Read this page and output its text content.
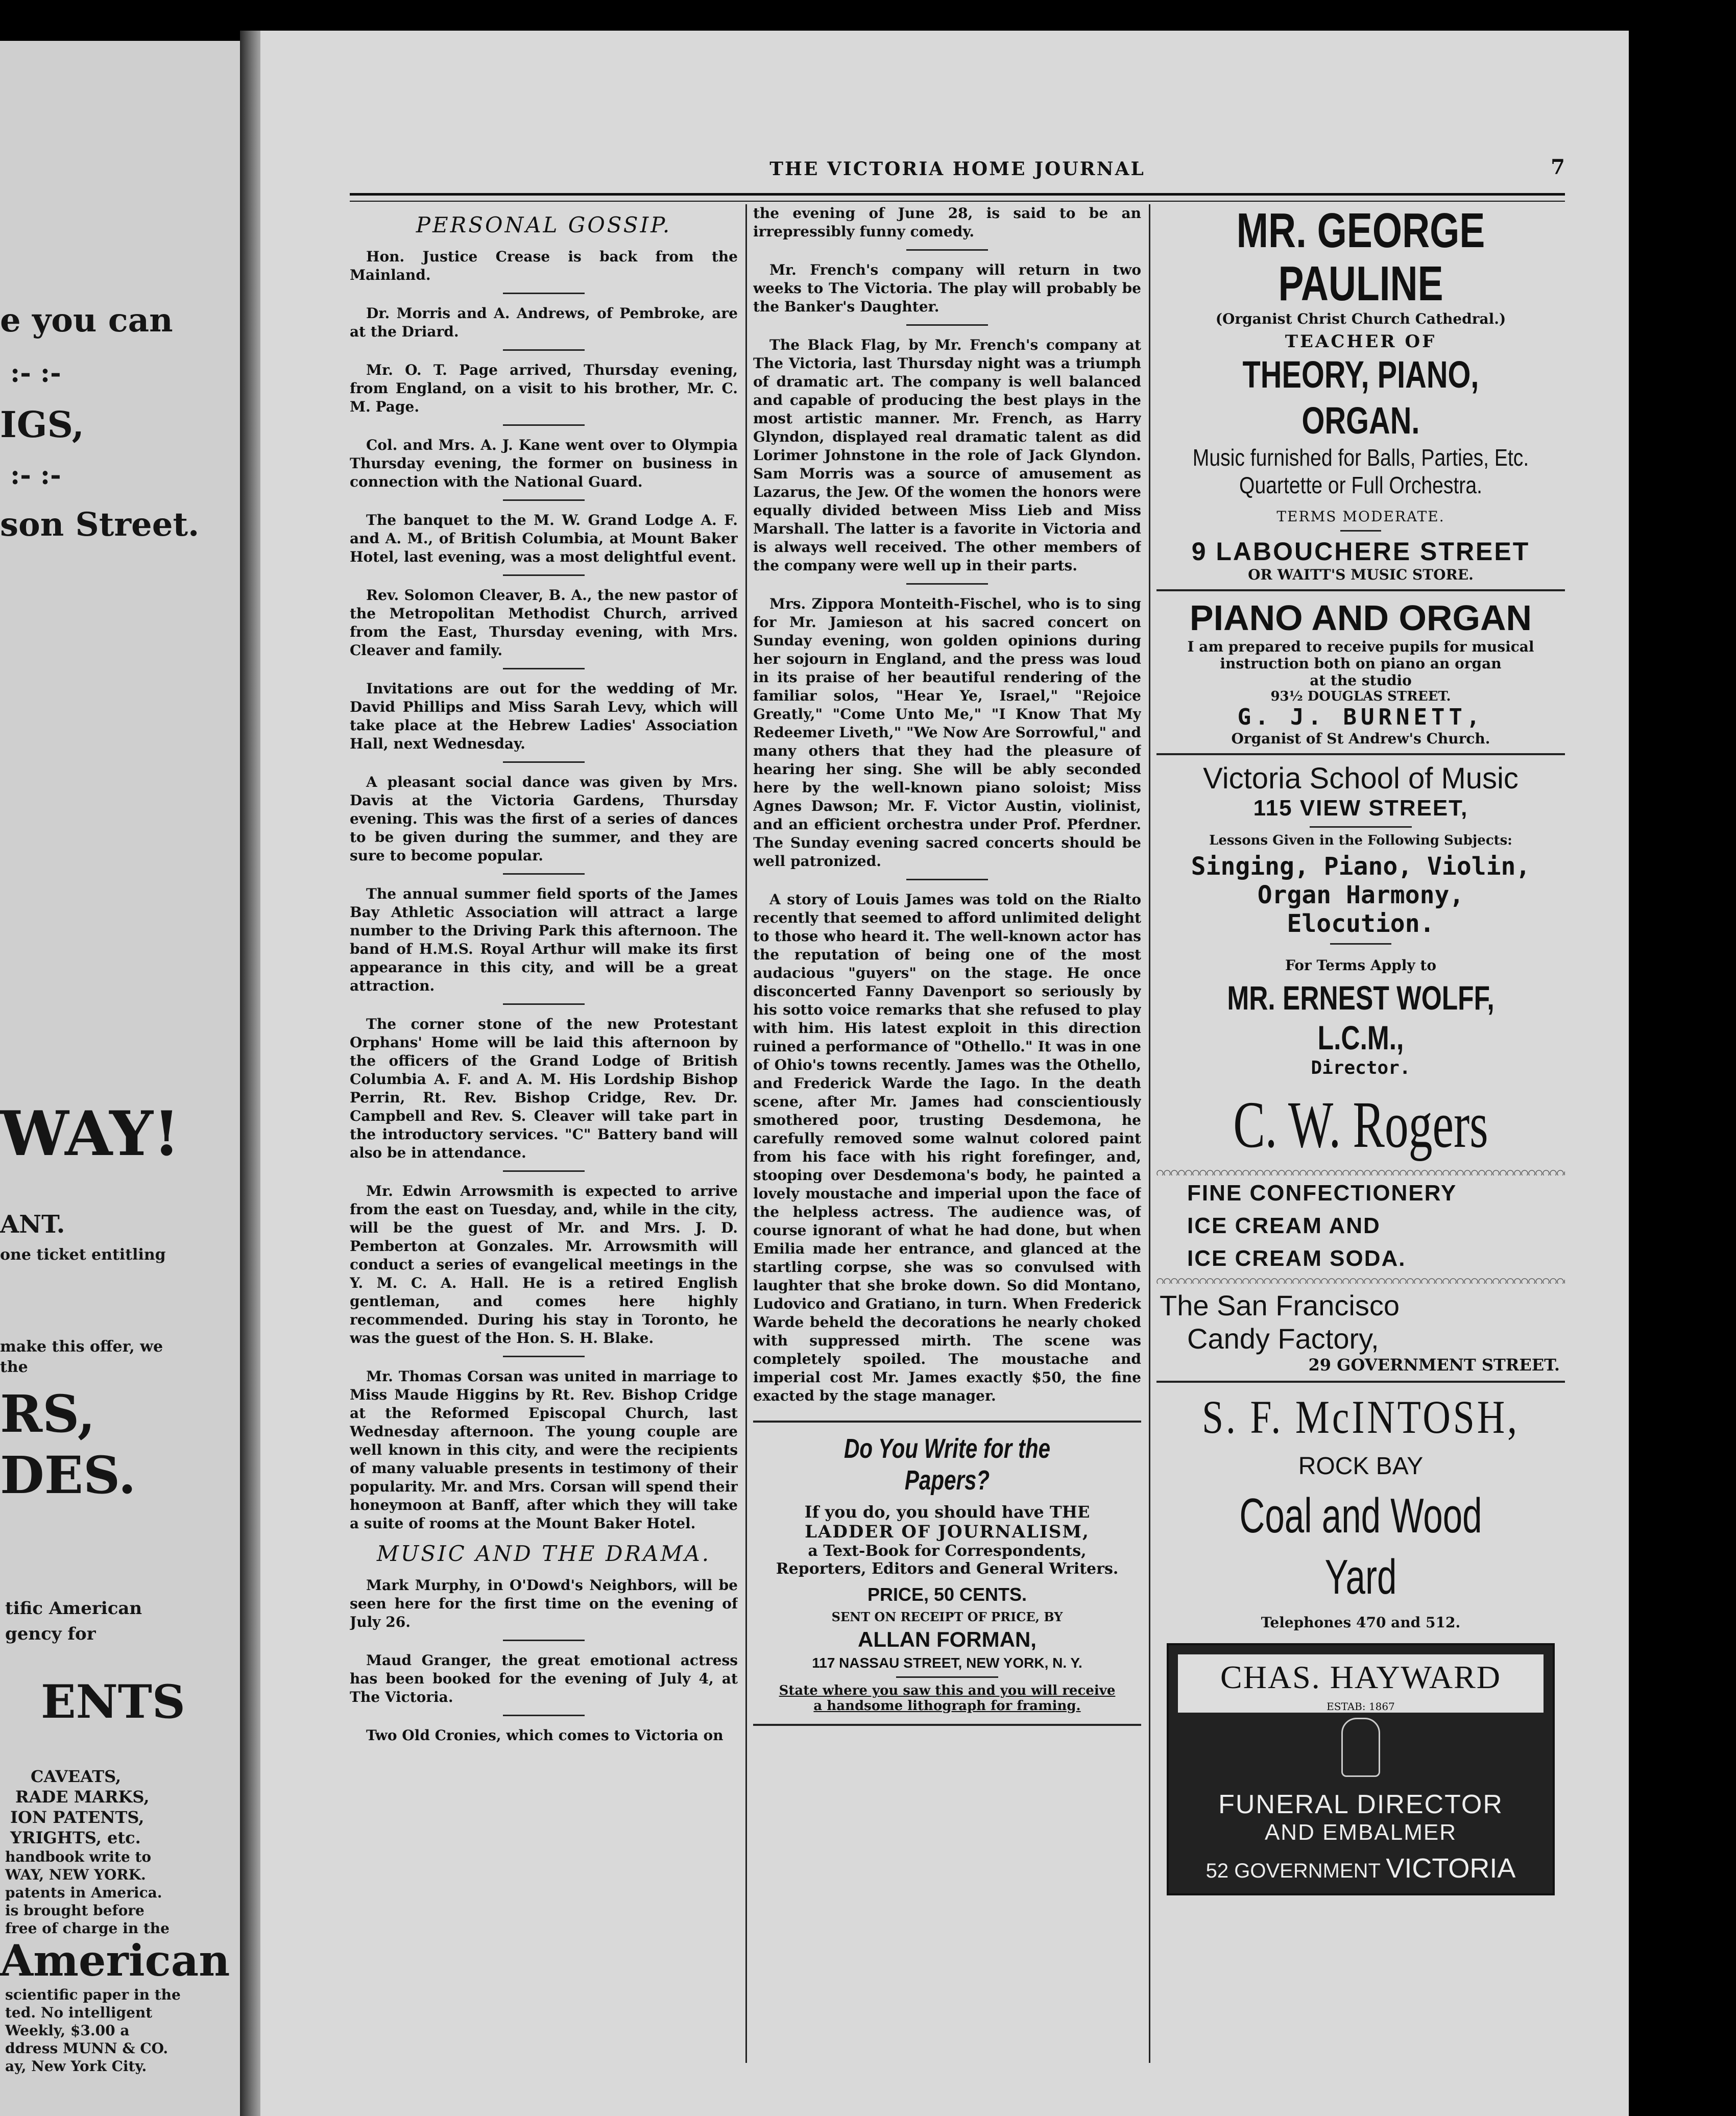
e you can
:- :-
IGS,
:- :-
son Street.
WAY!
ANT.
one ticket entitling
make this offer, we
the
RS,
DES.
tific American
gency for
ENTS
CAVEATS,
RADE MARKS,
ION PATENTS,
YRIGHTS, etc.
handbook write to
WAY, NEW YORK.
patents in America.
is brought before
free of charge in the
American
scientific paper in the
ted. No intelligent
Weekly, $3.00 a
ddress MUNN & CO.
ay, New York City.
THE VICTORIA HOME JOURNAL	7
PERSONAL GOSSIP.

Hon. Justice Crease is back from the Mainland.

Dr. Morris and A. Andrews, of Pembroke, are at the Driard.

Mr. O. T. Page arrived, Thursday evening, from England, on a visit to his brother, Mr. C. M. Page.

Col. and Mrs. A. J. Kane went over to Olympia Thursday evening, the former on business in connection with the National Guard.

The banquet to the M. W. Grand Lodge A. F. and A. M., of British Columbia, at Mount Baker Hotel, last evening, was a most delightful event.

Rev. Solomon Cleaver, B. A., the new pastor of the Metropolitan Methodist Church, arrived from the East, Thursday evening, with Mrs. Cleaver and family.

Invitations are out for the wedding of Mr. David Phillips and Miss Sarah Levy, which will take place at the Hebrew Ladies' Association Hall, next Wednesday.

A pleasant social dance was given by Mrs. Davis at the Victoria Gardens, Thursday evening. This was the first of a series of dances to be given during the summer, and they are sure to become popular.

The annual summer field sports of the James Bay Athletic Association will attract a large number to the Driving Park this afternoon. The band of H.M.S. Royal Arthur will make its first appearance in this city, and will be a great attraction.

The corner stone of the new Protestant Orphans' Home will be laid this afternoon by the officers of the Grand Lodge of British Columbia A. F. and A. M. His Lordship Bishop Perrin, Rt. Rev. Bishop Cridge, Rev. Dr. Campbell and Rev. S. Cleaver will take part in the introductory services. "C" Battery band will also be in attendance.

Mr. Edwin Arrowsmith is expected to arrive from the east on Tuesday, and, while in the city, will be the guest of Mr. and Mrs. J. D. Pemberton at Gonzales. Mr. Arrowsmith will conduct a series of evangelical meetings in the Y. M. C. A. Hall. He is a retired English gentleman, and comes here highly recommended. During his stay in Toronto, he was the guest of the Hon. S. H. Blake.

Mr. Thomas Corsan was united in marriage to Miss Maude Higgins by Rt. Rev. Bishop Cridge at the Reformed Episcopal Church, last Wednesday afternoon. The young couple are well known in this city, and were the recipients of many valuable presents in testimony of their popularity. Mr. and Mrs. Corsan will spend their honeymoon at Banff, after which they will take a suite of rooms at the Mount Baker Hotel.

MUSIC AND THE DRAMA.

Mark Murphy, in O'Dowd's Neighbors, will be seen here for the first time on the evening of July 26.

Maud Granger, the great emotional actress has been booked for the evening of July 4, at The Victoria.

Two Old Cronies, which comes to Victoria on

the evening of June 28, is said to be an irrepressibly funny comedy.

Mr. French's company will return in two weeks to The Victoria. The play will probably be the Banker's Daughter.

The Black Flag, by Mr. French's company at The Victoria, last Thursday night was a triumph of dramatic art. The company is well balanced and capable of producing the best plays in the most artistic manner. Mr. French, as Harry Glyndon, displayed real dramatic talent as did Lorimer Johnstone in the role of Jack Glyndon. Sam Morris was a source of amusement as Lazarus, the Jew. Of the women the honors were equally divided between Miss Lieb and Miss Marshall. The latter is a favorite in Victoria and is always well received. The other members of the company were well up in their parts.

Mrs. Zippora Monteith-Fischel, who is to sing for Mr. Jamieson at his sacred concert on Sunday evening, won golden opinions during her sojourn in England, and the press was loud in its praise of her beautiful rendering of the familiar solos, "Hear Ye, Israel," "Rejoice Greatly," "Come Unto Me," "I Know That My Redeemer Liveth," "We Now Are Sorrowful," and many others that they had the pleasure of hearing her sing. She will be ably seconded here by the well-known piano soloist; Miss Agnes Dawson; Mr. F. Victor Austin, violinist, and an efficient orchestra under Prof. Pferdner. The Sunday evening sacred concerts should be well patronized.

A story of Louis James was told on the Rialto recently that seemed to afford unlimited delight to those who heard it. The well-known actor has the reputation of being one of the most audacious "guyers" on the stage. He once disconcerted Fanny Davenport so seriously by his sotto voice remarks that she refused to play with him. His latest exploit in this direction ruined a performance of "Othello." It was in one of Ohio's towns recently. James was the Othello, and Frederick Warde the Iago. In the death scene, after Mr. James had conscientiously smothered poor, trusting Desdemona, he carefully removed some walnut colored paint from his face with his right forefinger, and, stooping over Desdemona's body, he painted a lovely moustache and imperial upon the face of the helpless actress. The audience was, of course ignorant of what he had done, but when Emilia made her entrance, and glanced at the startling corpse, she was so convulsed with laughter that she broke down. So did Montano, Ludovico and Gratiano, in turn. When Frederick Warde beheld the decorations he nearly choked with suppressed mirth. The scene was completely spoiled. The moustache and imperial cost Mr. James exactly $50, the fine exacted by the stage manager.

Do You Write for the Papers?
If you do, you should have THE
LADDER OF JOURNALISM,
a Text-Book for Correspondents, Reporters, Editors and General Writers.
PRICE, 50 CENTS.
SENT ON RECEIPT OF PRICE, BY
ALLAN FORMAN,
117 NASSAU STREET, NEW YORK, N. Y.
State where you saw this and you will receive a handsome lithograph for framing.
MR. GEORGE PAULINE
(Organist Christ Church Cathedral.)
TEACHER OF
THEORY, PIANO, ORGAN.
Music furnished for Balls, Parties, Etc.
Quartette or Full Orchestra.
TERMS MODERATE.
9 LABOUCHERE STREET
OR WAITT'S MUSIC STORE.
PIANO AND ORGAN
I am prepared to receive pupils for musical
instruction both on piano an organ
at the studio
93½ DOUGLAS STREET.
G. J. BURNETT,
Organist of St Andrew's Church.
Victoria School of Music
115 VIEW STREET,
Lessons Given in the Following Subjects:
Singing, Piano, Violin,
Organ Harmony,
Elocution.
For Terms Apply to
MR. ERNEST WOLFF, L.C.M.,
Director.
C. W. Rogers
FINE CONFECTIONERY
ICE CREAM AND
ICE CREAM SODA.
The San Francisco
Candy Factory,
29 GOVERNMENT STREET.
S. F. McINTOSH,
ROCK BAY
Coal and Wood Yard
Telephones 470 and 512.
CHAS. HAYWARD
ESTAB: 1867
FUNERAL DIRECTOR
AND EMBALMER
52 GOVERNMENT VICTORIA
